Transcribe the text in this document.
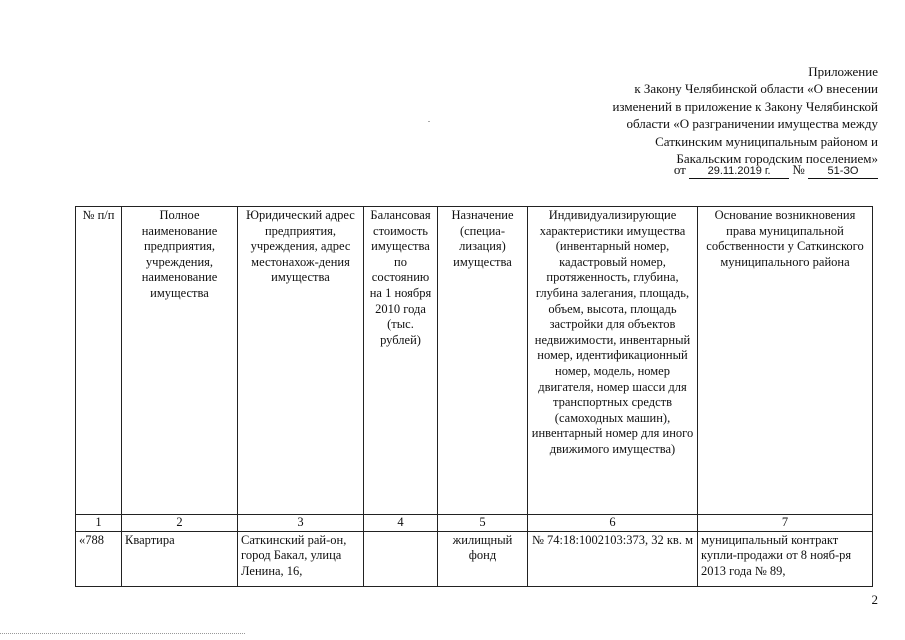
Приложение
к Закону Челябинской области «О внесении
изменений в приложение к Закону Челябинской
области «О разграничении имущества между
Саткинским муниципальным районом и
Бакальским городским поселением»
от 29.11.2019 г. № 51-ЗО
№ п/п	Полное наименование предприятия, учреждения, наименование имущества	Юридический адрес предприятия, учреждения, адрес местонахож-дения имущества	Балансовая стоимость имущества по состоянию на 1 ноября 2010 года (тыс. рублей)	Назначение (специа-лизация) имущества	Индивидуализирующие характеристики имущества (инвентарный номер, кадастровый номер, протяженность, глубина, глубина залегания, площадь, объем, высота, площадь застройки для объектов недвижимости, инвентарный номер, идентификационный номер, модель, номер двигателя, номер шасси для транспортных средств (самоходных машин), инвентарный номер для иного движимого имущества)	Основание возникновения права муниципальной собственности у Саткинского муниципального района
1	2	3	4	5	6	7
«788	Квартира	Саткинский рай-он, город Бакал, улица Ленина, 16,		жилищный фонд	№ 74:18:1002103:373, 32 кв. м	муниципальный контракт купли-продажи от 8 нояб-ря 2013 года № 89,
2
